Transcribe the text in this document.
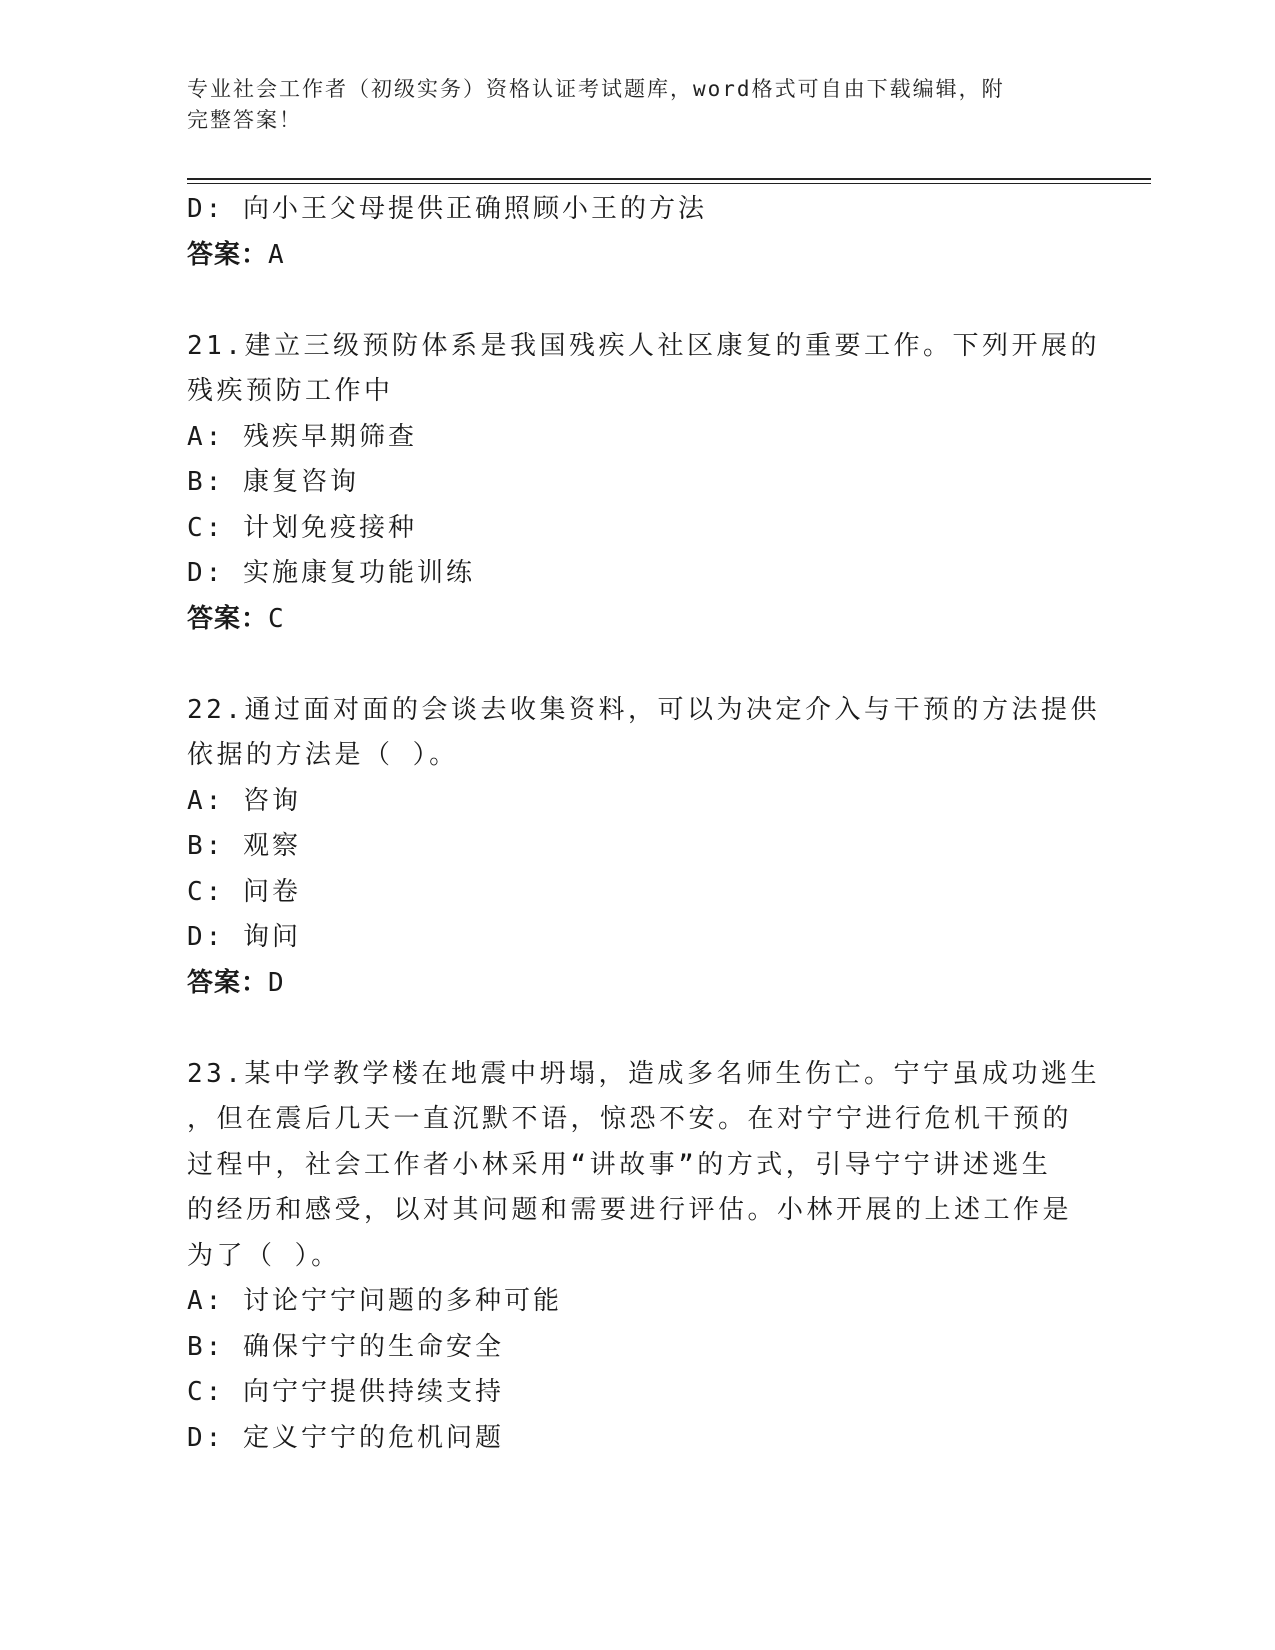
专业社会工作者（初级实务）资格认证考试题库，word格式可自由下载编辑，附
完整答案！
D: 向小王父母提供正确照顾小王的方法
答案：A
21.建立三级预防体系是我国残疾人社区康复的重要工作。下列开展的
残疾预防工作中
A: 残疾早期筛查
B: 康复咨询
C: 计划免疫接种
D: 实施康复功能训练
答案：C
22.通过面对面的会谈去收集资料，可以为决定介入与干预的方法提供
依据的方法是（ ）。
A: 咨询
B: 观察
C: 问卷
D: 询问
答案：D
23.某中学教学楼在地震中坍塌，造成多名师生伤亡。宁宁虽成功逃生
，但在震后几天一直沉默不语，惊恐不安。在对宁宁进行危机干预的
过程中，社会工作者小林采用“讲故事”的方式，引导宁宁讲述逃生
的经历和感受，以对其问题和需要进行评估。小林开展的上述工作是
为了（ ）。
A: 讨论宁宁问题的多种可能
B: 确保宁宁的生命安全
C: 向宁宁提供持续支持
D: 定义宁宁的危机问题
